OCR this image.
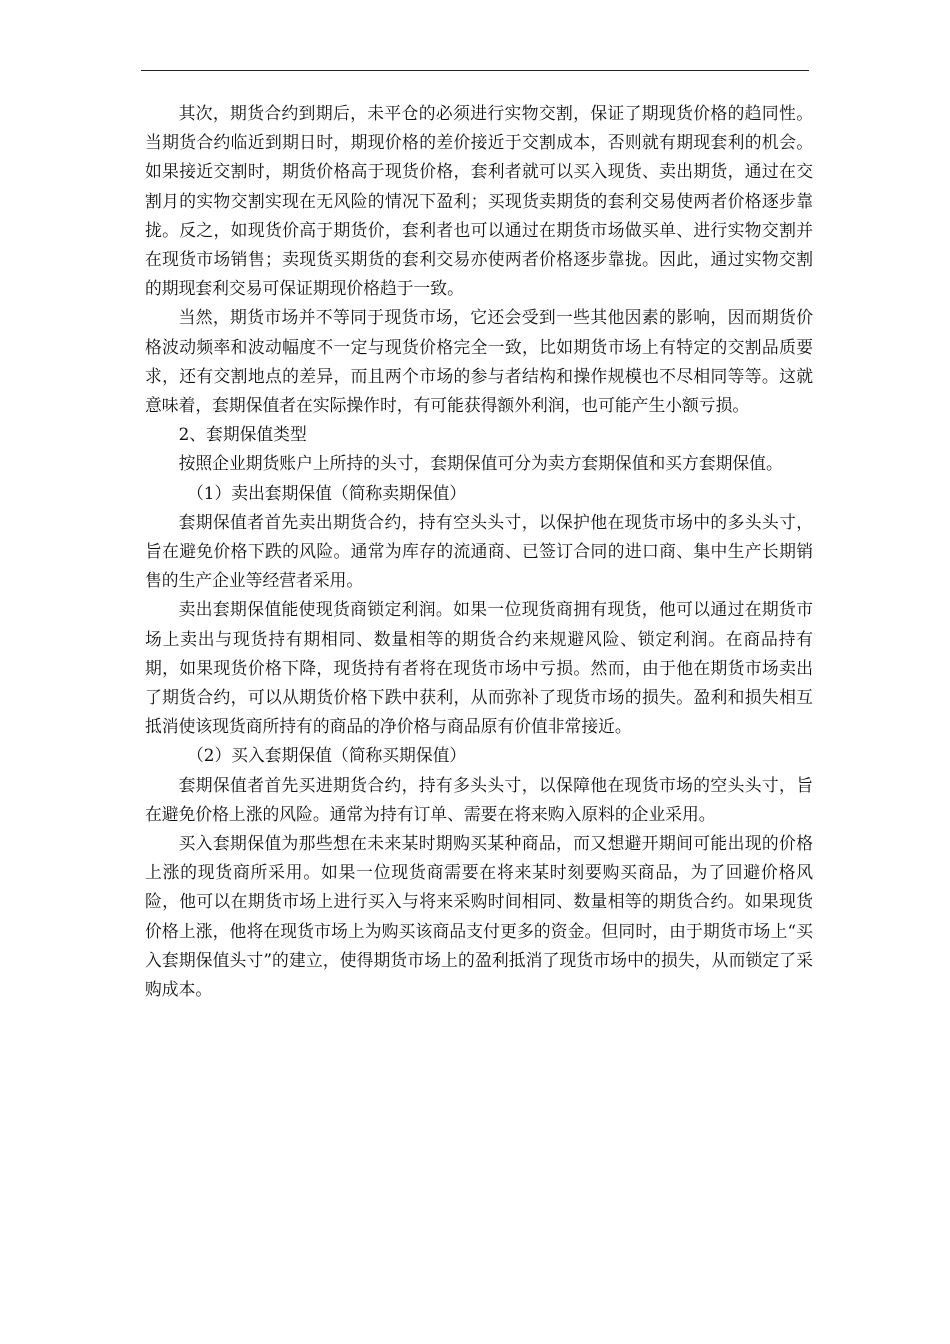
其次，期货合约到期后，未平仓的必须进行实物交割，保证了期现货价格的趋同性。当期货合约临近到期日时，期现价格的差价接近于交割成本，否则就有期现套利的机会。如果接近交割时，期货价格高于现货价格，套利者就可以买入现货、卖出期货，通过在交割月的实物交割实现在无风险的情况下盈利；买现货卖期货的套利交易使两者价格逐步靠拢。反之，如现货价高于期货价，套利者也可以通过在期货市场做买单、进行实物交割并在现货市场销售；卖现货买期货的套利交易亦使两者价格逐步靠拢。因此，通过实物交割的期现套利交易可保证期现价格趋于一致。

当然，期货市场并不等同于现货市场，它还会受到一些其他因素的影响，因而期货价格波动频率和波动幅度不一定与现货价格完全一致，比如期货市场上有特定的交割品质要求，还有交割地点的差异，而且两个市场的参与者结构和操作规模也不尽相同等等。这就意味着，套期保值者在实际操作时，有可能获得额外利润，也可能产生小额亏损。

2、套期保值类型

按照企业期货账户上所持的头寸，套期保值可分为卖方套期保值和买方套期保值。

（1）卖出套期保值（简称卖期保值）

套期保值者首先卖出期货合约，持有空头头寸，以保护他在现货市场中的多头头寸，旨在避免价格下跌的风险。通常为库存的流通商、已签订合同的进口商、集中生产长期销售的生产企业等经营者采用。

卖出套期保值能使现货商锁定利润。如果一位现货商拥有现货，他可以通过在期货市场上卖出与现货持有期相同、数量相等的期货合约来规避风险、锁定利润。在商品持有期，如果现货价格下降，现货持有者将在现货市场中亏损。然而，由于他在期货市场卖出了期货合约，可以从期货价格下跌中获利，从而弥补了现货市场的损失。盈利和损失相互抵消使该现货商所持有的商品的净价格与商品原有价值非常接近。

（2）买入套期保值（简称买期保值）

套期保值者首先买进期货合约，持有多头头寸，以保障他在现货市场的空头头寸，旨在避免价格上涨的风险。通常为持有订单、需要在将来购入原料的企业采用。

买入套期保值为那些想在未来某时期购买某种商品，而又想避开期间可能出现的价格上涨的现货商所采用。如果一位现货商需要在将来某时刻要购买商品，为了回避价格风险，他可以在期货市场上进行买入与将来采购时间相同、数量相等的期货合约。如果现货价格上涨，他将在现货市场上为购买该商品支付更多的资金。但同时，由于期货市场上“买入套期保值头寸”的建立，使得期货市场上的盈利抵消了现货市场中的损失，从而锁定了采购成本。
